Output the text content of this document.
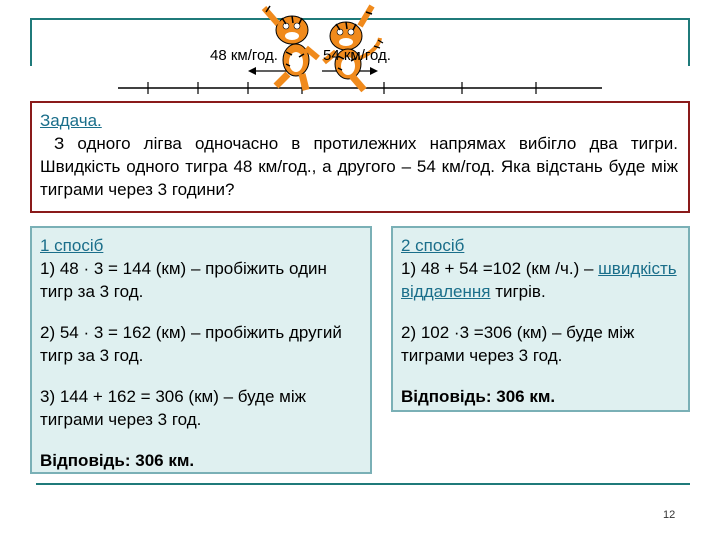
48 км/год.	54 км/год.
Задача.
З одного лігва одночасно в протилежних напрямах вибігло два тигри. Швидкість одного тигра 48 км/год., а другого – 54 км/год. Яка відстань буде між тиграми через 3 години?
1 спосіб

1) 48 · 3 = 144 (км) – пробіжить один тигр за 3 год.

2) 54 · 3 = 162 (км) – пробіжить другий тигр за 3 год.

3) 144 + 162 = 306 (км) – буде між тиграми через 3 год.

Відповідь: 306 км.

2 спосіб

1) 48 + 54 =102 (км /ч.) – швидкість віддалення тигрів.

2) 102 ·3 =306 (км) – буде між тиграми через 3 год.

Відповідь: 306 км.

12
